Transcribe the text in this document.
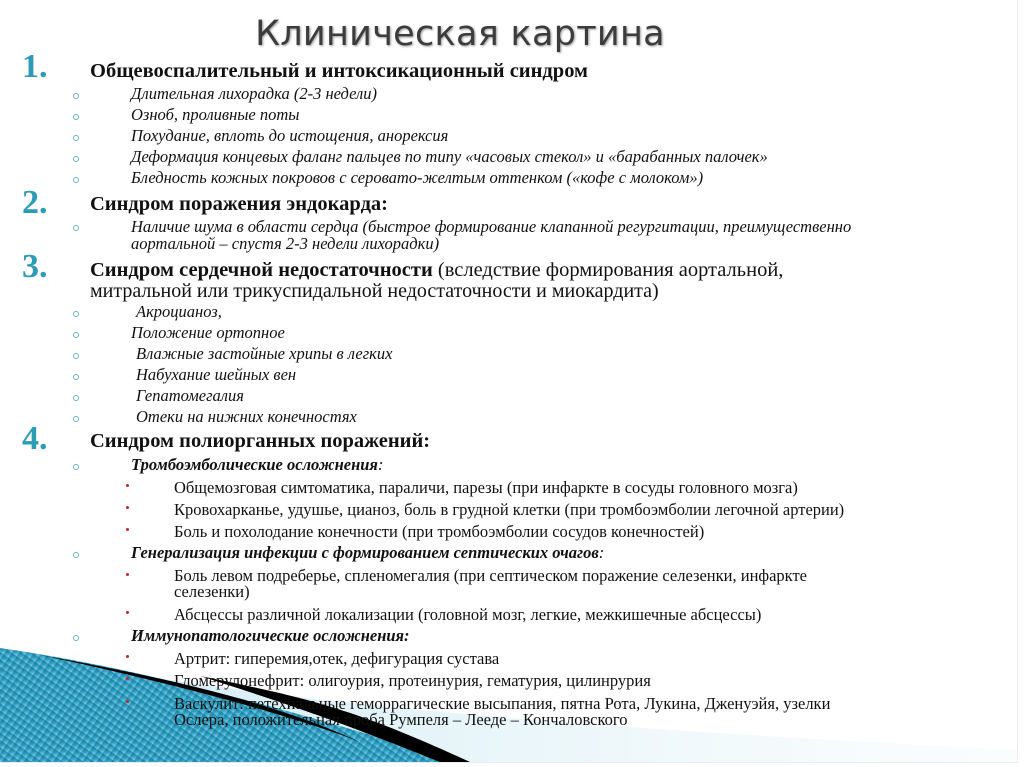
Клиническая картина
1. Общевоспалительный и интоксикационный синдром
Длительная лихорадка (2-3 недели)
Озноб, проливные поты
Похудание, вплоть до истощения, анорексия
Деформация концевых фаланг пальцев по типу «часовых стекол» и «барабанных палочек»
Бледность кожных покровов с серовато-желтым оттенком («кофе с молоком»)
2. Синдром поражения эндокарда:
Наличие шума в области сердца (быстрое формирование клапанной регургитации, преимущественно
аортальной – спустя 2-3 недели лихорадки)
3. Синдром сердечной недостаточности (вследствие формирования аортальной,
митральной или трикуспидальной недостаточности и миокардита)
Акроцианоз,
Положение ортопное
Влажные застойные хрипы в легких
Набухание шейных вен
Гепатомегалия
Отеки на нижних конечностях
4. Синдром полиорганных поражений:
Тромбоэмболические осложнения:
Общемозговая симтоматика, параличи, парезы (при инфаркте в сосуды головного мозга)
Кровохарканье, удушье, цианоз, боль в грудной клетки (при тромбоэмболии легочной артерии)
Боль и похолодание конечности (при тромбоэмболии сосудов конечностей)
Генерализация инфекции с формированием септических очагов:
Боль левом подреберье, спленомегалия (при септическом поражение селезенки, инфаркте
селезенки)
Абсцессы различной локализации (головной мозг, легкие, межкишечные абсцессы)
Иммунопатологические осложнения:
Артрит: гиперемия,отек, дефигурация сустава
Гломерулонефрит: олигоурия, протеинурия, гематурия, цилинрурия
Васкулит: петехиальные геморрагические высыпания, пятна Рота, Лукина, Дженуэйя, узелки
Ослера, положительная проба Румпеля – Лееде – Кончаловского
